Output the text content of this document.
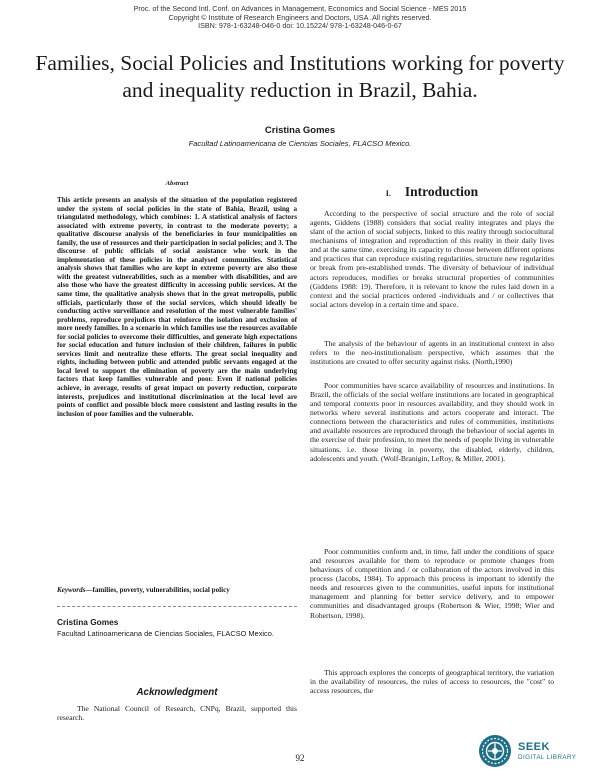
Proc. of the Second Intl. Conf. on Advances in Management, Economics and Social Science - MES 2015
Copyright © Institute of Research Engineers and Doctors, USA .All rights reserved.
ISBN: 978-1-63248-046-0 doi: 10.15224/ 978-1-63248-046-0-67
Families, Social Policies and Institutions working for poverty and inequality reduction in Brazil, Bahia.
Cristina Gomes
Facultad Latinoamericana de Ciencias Sociales, FLACSO Mexico.
Abstract

This article presents an analysis of the situation of the population registered under the system of social policies in the state of Bahia, Brazil, using a triangulated methodology, which combines: 1. A statistical analysis of factors associated with extreme poverty, in contrast to the moderate poverty; a qualitative discourse analysis of the beneficiaries in four municipalities on family, the use of resources and their participation in social policies; and 3. The discourse of public officials of social assistance who work in the implementation of these policies in the analysed communities. Statistical analysis shows that families who are kept in extreme poverty are also those with the greatest vulnerabilities, such as a member with disabilities, and are also those who have the greatest difficulty in accessing public services. At the same time, the qualitative analysis shows that in the great metropolis, public officials, particularly those of the social services, which should ideally be conducting active surveillance and resolution of the most vulnerable families' problems, reproduce prejudices that reinforce the isolation and exclusion of more needy families. In a scenario in which families use the resources available for social policies to overcome their difficulties, and generate high expectations for social education and future inclusion of their children, failures in public services limit and neutralize these efforts. The great social inequality and rights, including between public and attended public servants engaged at the local level to support the elimination of poverty are the main underlying factors that keep families vulnerable and poor. Even if national policies achieve, in average, results of great impact on poverty reduction, corporate interests, prejudices and institutional discrimination at the local level are points of conflict and possible block more consistent and lasting results in the inclusion of poor families and the vulnerable.

Keywords—families, poverty, vulnerabilities, social policy
Cristina Gomes
Facultad Latinoamericana de Ciencias Sociales, FLACSO Mexico.
Acknowledgment

The National Council of Research, CNPq, Brazil, supported this research.

I. Introduction

According to the perspective of social structure and the role of social agents, Giddens (1988) considers that social reality integrates and plays the slant of the action of social subjects, linked to this reality through sociocultural mechanisms of integration and reproduction of this reality in their daily lives and at the same time, exercising its capacity to choose between different options and practices that can reproduce existing regularities, structure new regularities or break from pre-established trends. The diversity of behaviour of individual actors reproduces, modifies or breaks structural properties of communities (Giddens 1988: 19). Therefore, it is relevant to know the rules laid down in a context and the social practices ordered -individuals and / or collectives that social actors develop in a certain time and space.

The analysis of the behaviour of agents in an institutional context in also refers to the neo-institutionalism perspective, which assumes that the institutions are created to offer security against risks. (North,1990)

Poor communities have scarce availability of resources and institutions. In Brazil, the officials of the social welfare institutions are located in geographical and temporal contexts poor in resources availability, and they should work in networks where several institutions and actors cooperate and interact. The connections between the characteristics and rules of communities, institutions and available resources are reproduced through the behaviour of social agents in the exercise of their profession, to meet the needs of people living in vulnerable situations, i.e. those living in poverty, the disabled, elderly, children, adolescents and youth. (Wolf-Branigin, LeRoy, & Miller, 2001).

Poor communities conform and, in time, fall under the conditions of space and resources available for them to reproduce or promote changes from behaviours of competition and / or collaboration of the actors involved in this process (Jacobs, 1984). To approach this process is important to identify the needs and resources given to the communities, useful inputs for institutional management and planning for better service delivery, and to empower communities and disadvantaged groups (Robertson & Wier, 1998; Wier and Robertson, 1998).

This approach explores the concepts of geographical territory, the variation in the availability of resources, the rules of access to resources, the "cost" to access resources, the

92
SEEK
DIGITAL LIBRARY
